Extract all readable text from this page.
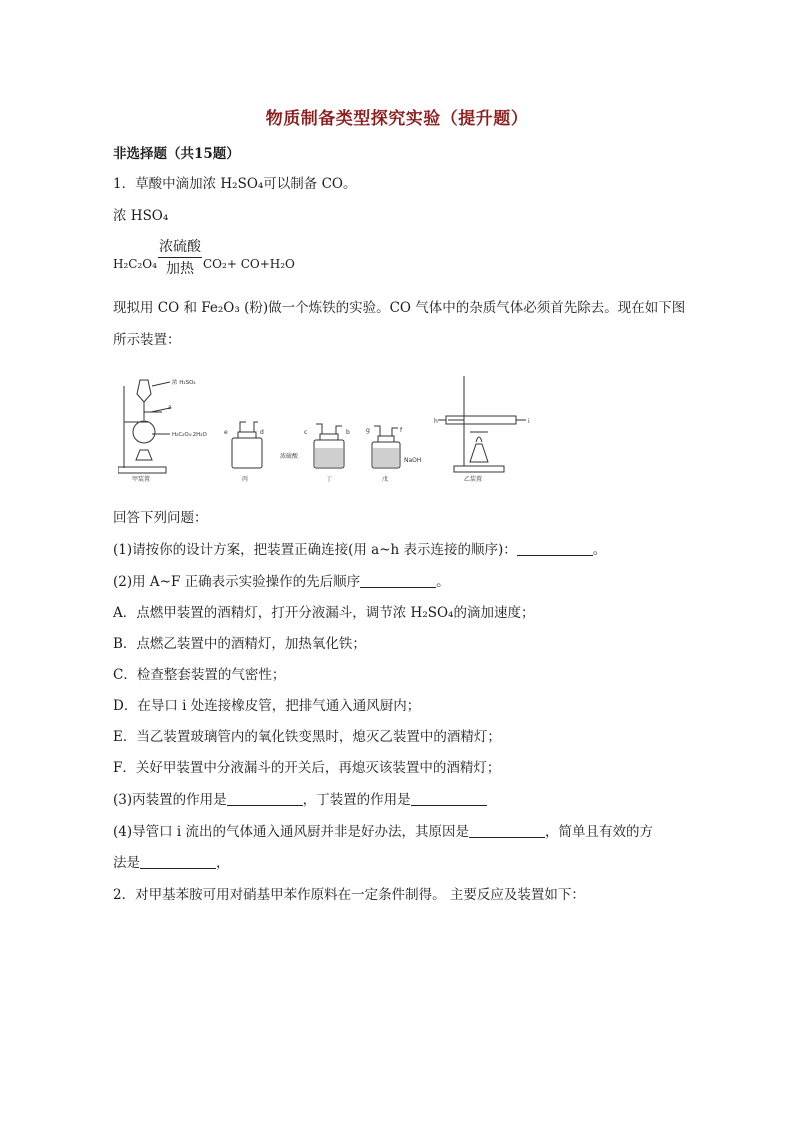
物质制备类型探究实验（提升题）
非选择题（共15题）
1．草酸中滴加浓 H₂SO₄可以制备 CO。
浓 HSO₄
H₂C₂O₄
浓硫酸
加热 CO₂+ CO+H₂O
现拟用 CO 和 Fe₂O₃ (粉)做一个炼铁的实验。CO 气体中的杂质气体必须首先除去。现在如下图
所示装置：
浓 H₂SO₄
a
H₂C₂O₄·2H₂O
甲装置
e	d
丙
c	b
浓硫酸
丁
g	f
NaOH
戊
h	i
乙装置
回答下列问题：
(1)请按你的设计方案，把装置正确连接(用 a~h 表示连接的顺序)：	。
(2)用 A~F 正确表示实验操作的先后顺序	。
A．点燃甲装置的酒精灯，打开分液漏斗，调节浓 H₂SO₄的滴加速度；
B．点燃乙装置中的酒精灯，加热氧化铁；
C．检查整套装置的气密性；
D．在导口 i 处连接橡皮管，把排气通入通风厨内；
E．当乙装置玻璃管内的氧化铁变黑时，熄灭乙装置中的酒精灯；
F．关好甲装置中分液漏斗的开关后，再熄灭该装置中的酒精灯；
(3)丙装置的作用是	，丁装置的作用是
(4)导管口 i 流出的气体通入通风厨并非是好办法，其原因是	，简单且有效的方
法是	，
2．对甲基苯胺可用对硝基甲苯作原料在一定条件制得。 主要反应及装置如下：
